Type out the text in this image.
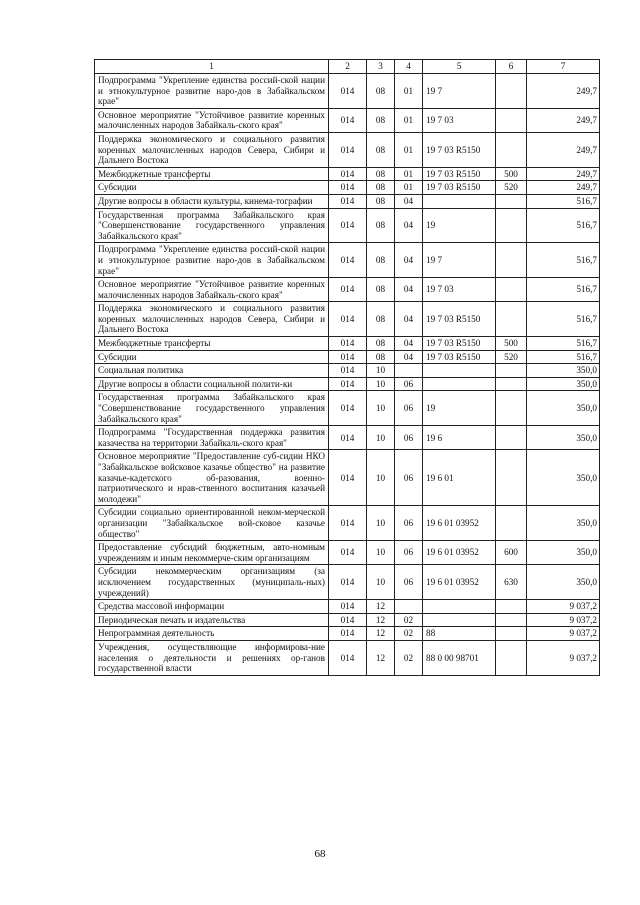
1	2	3	4	5	6	7
Подпрограмма "Укрепление единства россий-ской нации и этнокультурное развитие наро-дов в Забайкальском крае"	014	08	01	19 7		249,7
Основное мероприятие "Устойчивое развитие коренных малочисленных народов Забайкаль-ского края"	014	08	01	19 7 03		249,7
Поддержка экономического и социального развития коренных малочисленных народов Севера, Сибири и Дальнего Востока	014	08	01	19 7 03 R5150		249,7
Межбюджетные трансферты	014	08	01	19 7 03 R5150	500	249,7
Субсидии	014	08	01	19 7 03 R5150	520	249,7
Другие вопросы в области культуры, кинема-тографии	014	08	04			516,7
Государственная программа Забайкальского края "Совершенствование государственного управления Забайкальского края"	014	08	04	19		516,7
Подпрограмма "Укрепление единства россий-ской нации и этнокультурное развитие наро-дов в Забайкальском крае"	014	08	04	19 7		516,7
Основное мероприятие "Устойчивое развитие коренных малочисленных народов Забайкаль-ского края"	014	08	04	19 7 03		516,7
Поддержка экономического и социального развития коренных малочисленных народов Севера, Сибири и Дальнего Востока	014	08	04	19 7 03 R5150		516,7
Межбюджетные трансферты	014	08	04	19 7 03 R5150	500	516,7
Субсидии	014	08	04	19 7 03 R5150	520	516,7
Социальная политика	014	10				350,0
Другие вопросы в области социальной полити-ки	014	10	06			350,0
Государственная программа Забайкальского края "Совершенствование государственного управления Забайкальского края"	014	10	06	19		350,0
Подпрограмма "Государственная поддержка развития казачества на территории Забайкаль-ского края"	014	10	06	19 6		350,0
Основное мероприятие "Предоставление суб-сидии НКО "Забайкальское войсковое казачье общество" на развитие казачье-кадетского об-разования, военно-патриотического и нрав-ственного воспитания казачьей молодежи"	014	10	06	19 6 01		350,0
Субсидии социально ориентированной неком-мерческой организации "Забайкальское вой-сковое казачье общество"	014	10	06	19 6 01 03952		350,0
Предоставление субсидий бюджетным, авто-номным учреждениям и иным некоммерче-ским организациям	014	10	06	19 6 01 03952	600	350,0
Субсидии некоммерческим организациям (за исключением государственных (муниципаль-ных) учреждений)	014	10	06	19 6 01 03952	630	350,0
Средства массовой информации	014	12				9 037,2
Периодическая печать и издательства	014	12	02			9 037,2
Непрограммная деятельность	014	12	02	88		9 037,2
Учреждения, осуществляющие информирова-ние населения о деятельности и решениях ор-ганов государственной власти	014	12	02	88 0 00 98701		9 037,2
68
